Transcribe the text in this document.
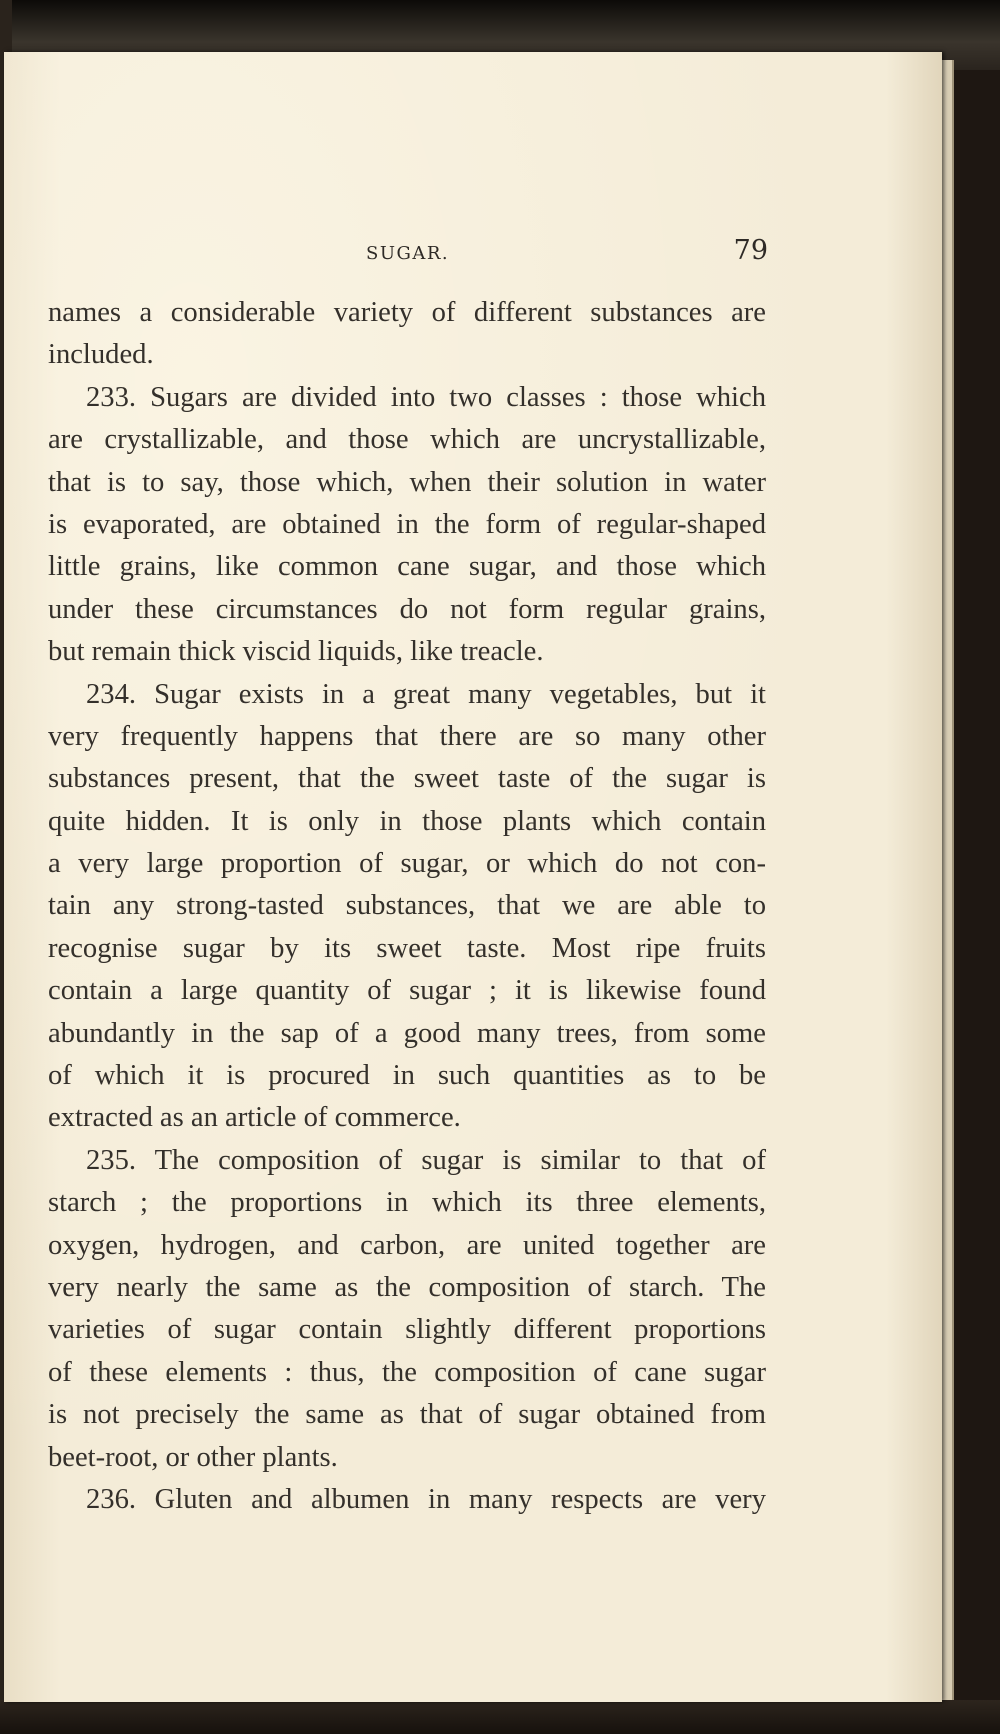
SUGAR.	79
names a considerable variety of different substances are
included.
233. Sugars are divided into two classes : those which
are crystallizable, and those which are uncrystallizable,
that is to say, those which, when their solution in water
is evaporated, are obtained in the form of regular-shaped
little grains, like common cane sugar, and those which
under these circumstances do not form regular grains,
but remain thick viscid liquids, like treacle.
234. Sugar exists in a great many vegetables, but it
very frequently happens that there are so many other
substances present, that the sweet taste of the sugar is
quite hidden. It is only in those plants which contain
a very large proportion of sugar, or which do not con-
tain any strong-tasted substances, that we are able to
recognise sugar by its sweet taste. Most ripe fruits
contain a large quantity of sugar ; it is likewise found
abundantly in the sap of a good many trees, from some
of which it is procured in such quantities as to be
extracted as an article of commerce.
235. The composition of sugar is similar to that of
starch ; the proportions in which its three elements,
oxygen, hydrogen, and carbon, are united together are
very nearly the same as the composition of starch. The
varieties of sugar contain slightly different proportions
of these elements : thus, the composition of cane sugar
is not precisely the same as that of sugar obtained from
beet-root, or other plants.
236. Gluten and albumen in many respects are very
